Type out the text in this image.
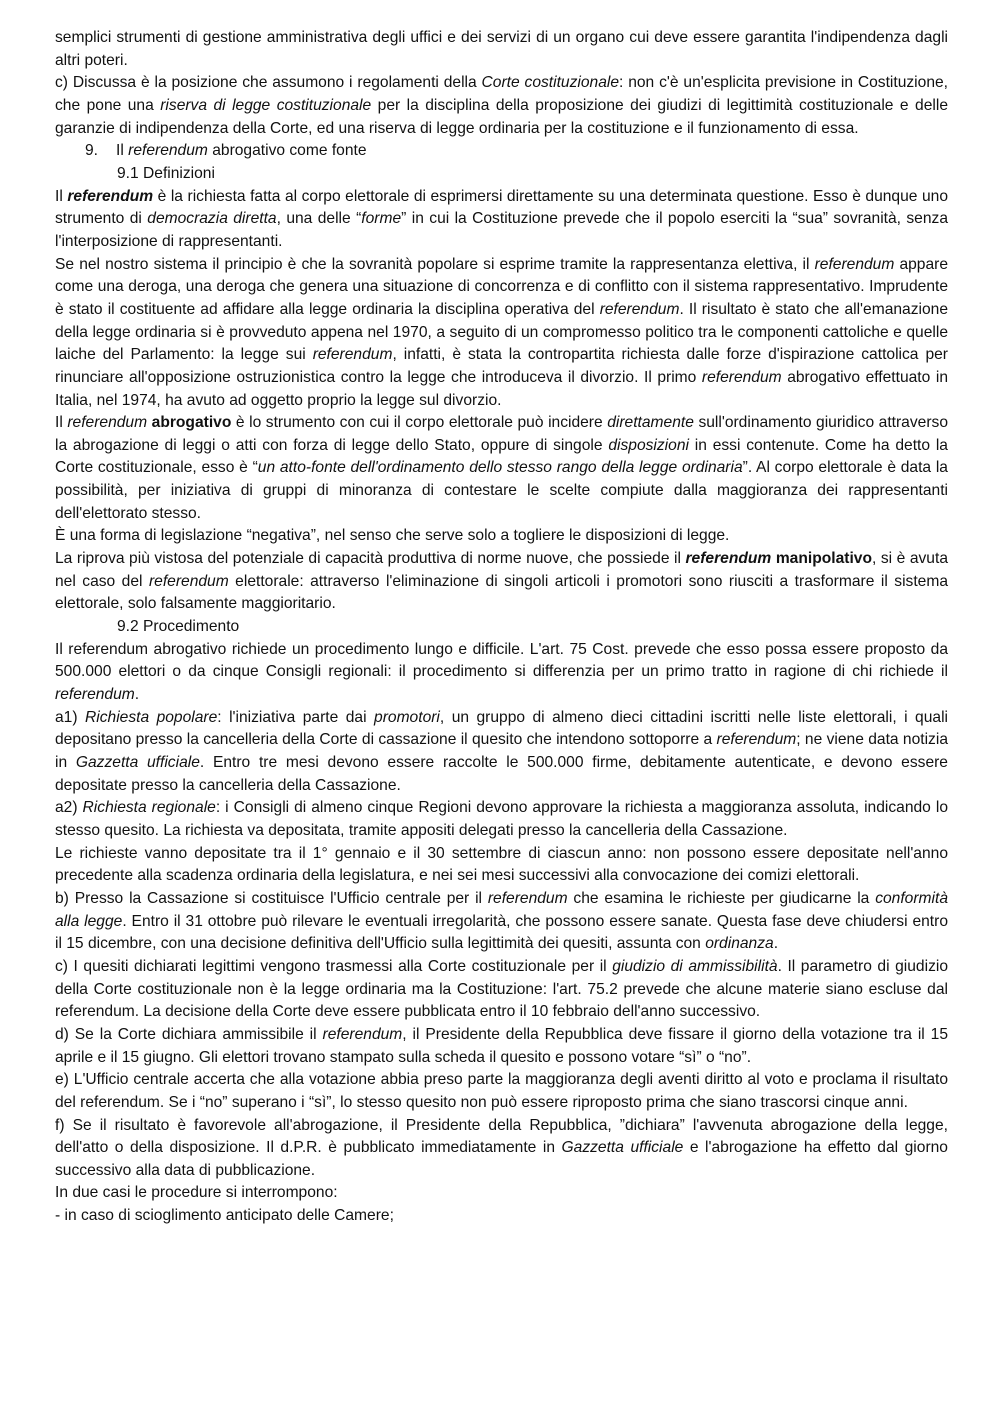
semplici strumenti di gestione amministrativa degli uffici e dei servizi di un organo cui deve essere garantita l'indipendenza dagli altri poteri.

c) Discussa è la posizione che assumono i regolamenti della Corte costituzionale: non c'è un'esplicita previsione in Costituzione, che pone una riserva di legge costituzionale per la disciplina della proposizione dei giudizi di legittimità costituzionale e delle garanzie di indipendenza della Corte, ed una riserva di legge ordinaria per la costituzione e il funzionamento di essa.

9. Il referendum abrogativo come fonte

9.1 Definizioni

Il referendum è la richiesta fatta al corpo elettorale di esprimersi direttamente su una determinata questione. Esso è dunque uno strumento di democrazia diretta, una delle “forme” in cui la Costituzione prevede che il popolo eserciti la “sua” sovranità, senza l'interposizione di rappresentanti.

Se nel nostro sistema il principio è che la sovranità popolare si esprime tramite la rappresentanza elettiva, il referendum appare come una deroga, una deroga che genera una situazione di concorrenza e di conflitto con il sistema rappresentativo. Imprudente è stato il costituente ad affidare alla legge ordinaria la disciplina operativa del referendum. Il risultato è stato che all'emanazione della legge ordinaria si è provveduto appena nel 1970, a seguito di un compromesso politico tra le componenti cattoliche e quelle laiche del Parlamento: la legge sui referendum, infatti, è stata la contropartita richiesta dalle forze d'ispirazione cattolica per rinunciare all'opposizione ostruzionistica contro la legge che introduceva il divorzio. Il primo referendum abrogativo effettuato in Italia, nel 1974, ha avuto ad oggetto proprio la legge sul divorzio.

Il referendum abrogativo è lo strumento con cui il corpo elettorale può incidere direttamente sull'ordinamento giuridico attraverso la abrogazione di leggi o atti con forza di legge dello Stato, oppure di singole disposizioni in essi contenute. Come ha detto la Corte costituzionale, esso è “un atto-fonte dell'ordinamento dello stesso rango della legge ordinaria”. Al corpo elettorale è data la possibilità, per iniziativa di gruppi di minoranza di contestare le scelte compiute dalla maggioranza dei rappresentanti dell'elettorato stesso.

È una forma di legislazione “negativa”, nel senso che serve solo a togliere le disposizioni di legge.

La riprova più vistosa del potenziale di capacità produttiva di norme nuove, che possiede il referendum manipolativo, si è avuta nel caso del referendum elettorale: attraverso l'eliminazione di singoli articoli i promotori sono riusciti a trasformare il sistema elettorale, solo falsamente maggioritario.

9.2 Procedimento

Il referendum abrogativo richiede un procedimento lungo e difficile. L'art. 75 Cost. prevede che esso possa essere proposto da 500.000 elettori o da cinque Consigli regionali: il procedimento si differenzia per un primo tratto in ragione di chi richiede il referendum.

a1) Richiesta popolare: l'iniziativa parte dai promotori, un gruppo di almeno dieci cittadini iscritti nelle liste elettorali, i quali depositano presso la cancelleria della Corte di cassazione il quesito che intendono sottoporre a referendum; ne viene data notizia in Gazzetta ufficiale. Entro tre mesi devono essere raccolte le 500.000 firme, debitamente autenticate, e devono essere depositate presso la cancelleria della Cassazione.

a2) Richiesta regionale: i Consigli di almeno cinque Regioni devono approvare la richiesta a maggioranza assoluta, indicando lo stesso quesito. La richiesta va depositata, tramite appositi delegati presso la cancelleria della Cassazione.

Le richieste vanno depositate tra il 1° gennaio e il 30 settembre di ciascun anno: non possono essere depositate nell'anno precedente alla scadenza ordinaria della legislatura, e nei sei mesi successivi alla convocazione dei comizi elettorali.

b) Presso la Cassazione si costituisce l'Ufficio centrale per il referendum che esamina le richieste per giudicarne la conformità alla legge. Entro il 31 ottobre può rilevare le eventuali irregolarità, che possono essere sanate. Questa fase deve chiudersi entro il 15 dicembre, con una decisione definitiva dell'Ufficio sulla legittimità dei quesiti, assunta con ordinanza.

c) I quesiti dichiarati legittimi vengono trasmessi alla Corte costituzionale per il giudizio di ammissibilità. Il parametro di giudizio della Corte costituzionale non è la legge ordinaria ma la Costituzione: l'art. 75.2 prevede che alcune materie siano escluse dal referendum. La decisione della Corte deve essere pubblicata entro il 10 febbraio dell'anno successivo.

d) Se la Corte dichiara ammissibile il referendum, il Presidente della Repubblica deve fissare il giorno della votazione tra il 15 aprile e il 15 giugno. Gli elettori trovano stampato sulla scheda il quesito e possono votare “sì” o “no”.

e) L'Ufficio centrale accerta che alla votazione abbia preso parte la maggioranza degli aventi diritto al voto e proclama il risultato del referendum. Se i “no” superano i “sì”, lo stesso quesito non può essere riproposto prima che siano trascorsi cinque anni.

f) Se il risultato è favorevole all'abrogazione, il Presidente della Repubblica, ”dichiara” l'avvenuta abrogazione della legge, dell'atto o della disposizione. Il d.P.R. è pubblicato immediatamente in Gazzetta ufficiale e l'abrogazione ha effetto dal giorno successivo alla data di pubblicazione.

In due casi le procedure si interrompono:

- in caso di scioglimento anticipato delle Camere;
